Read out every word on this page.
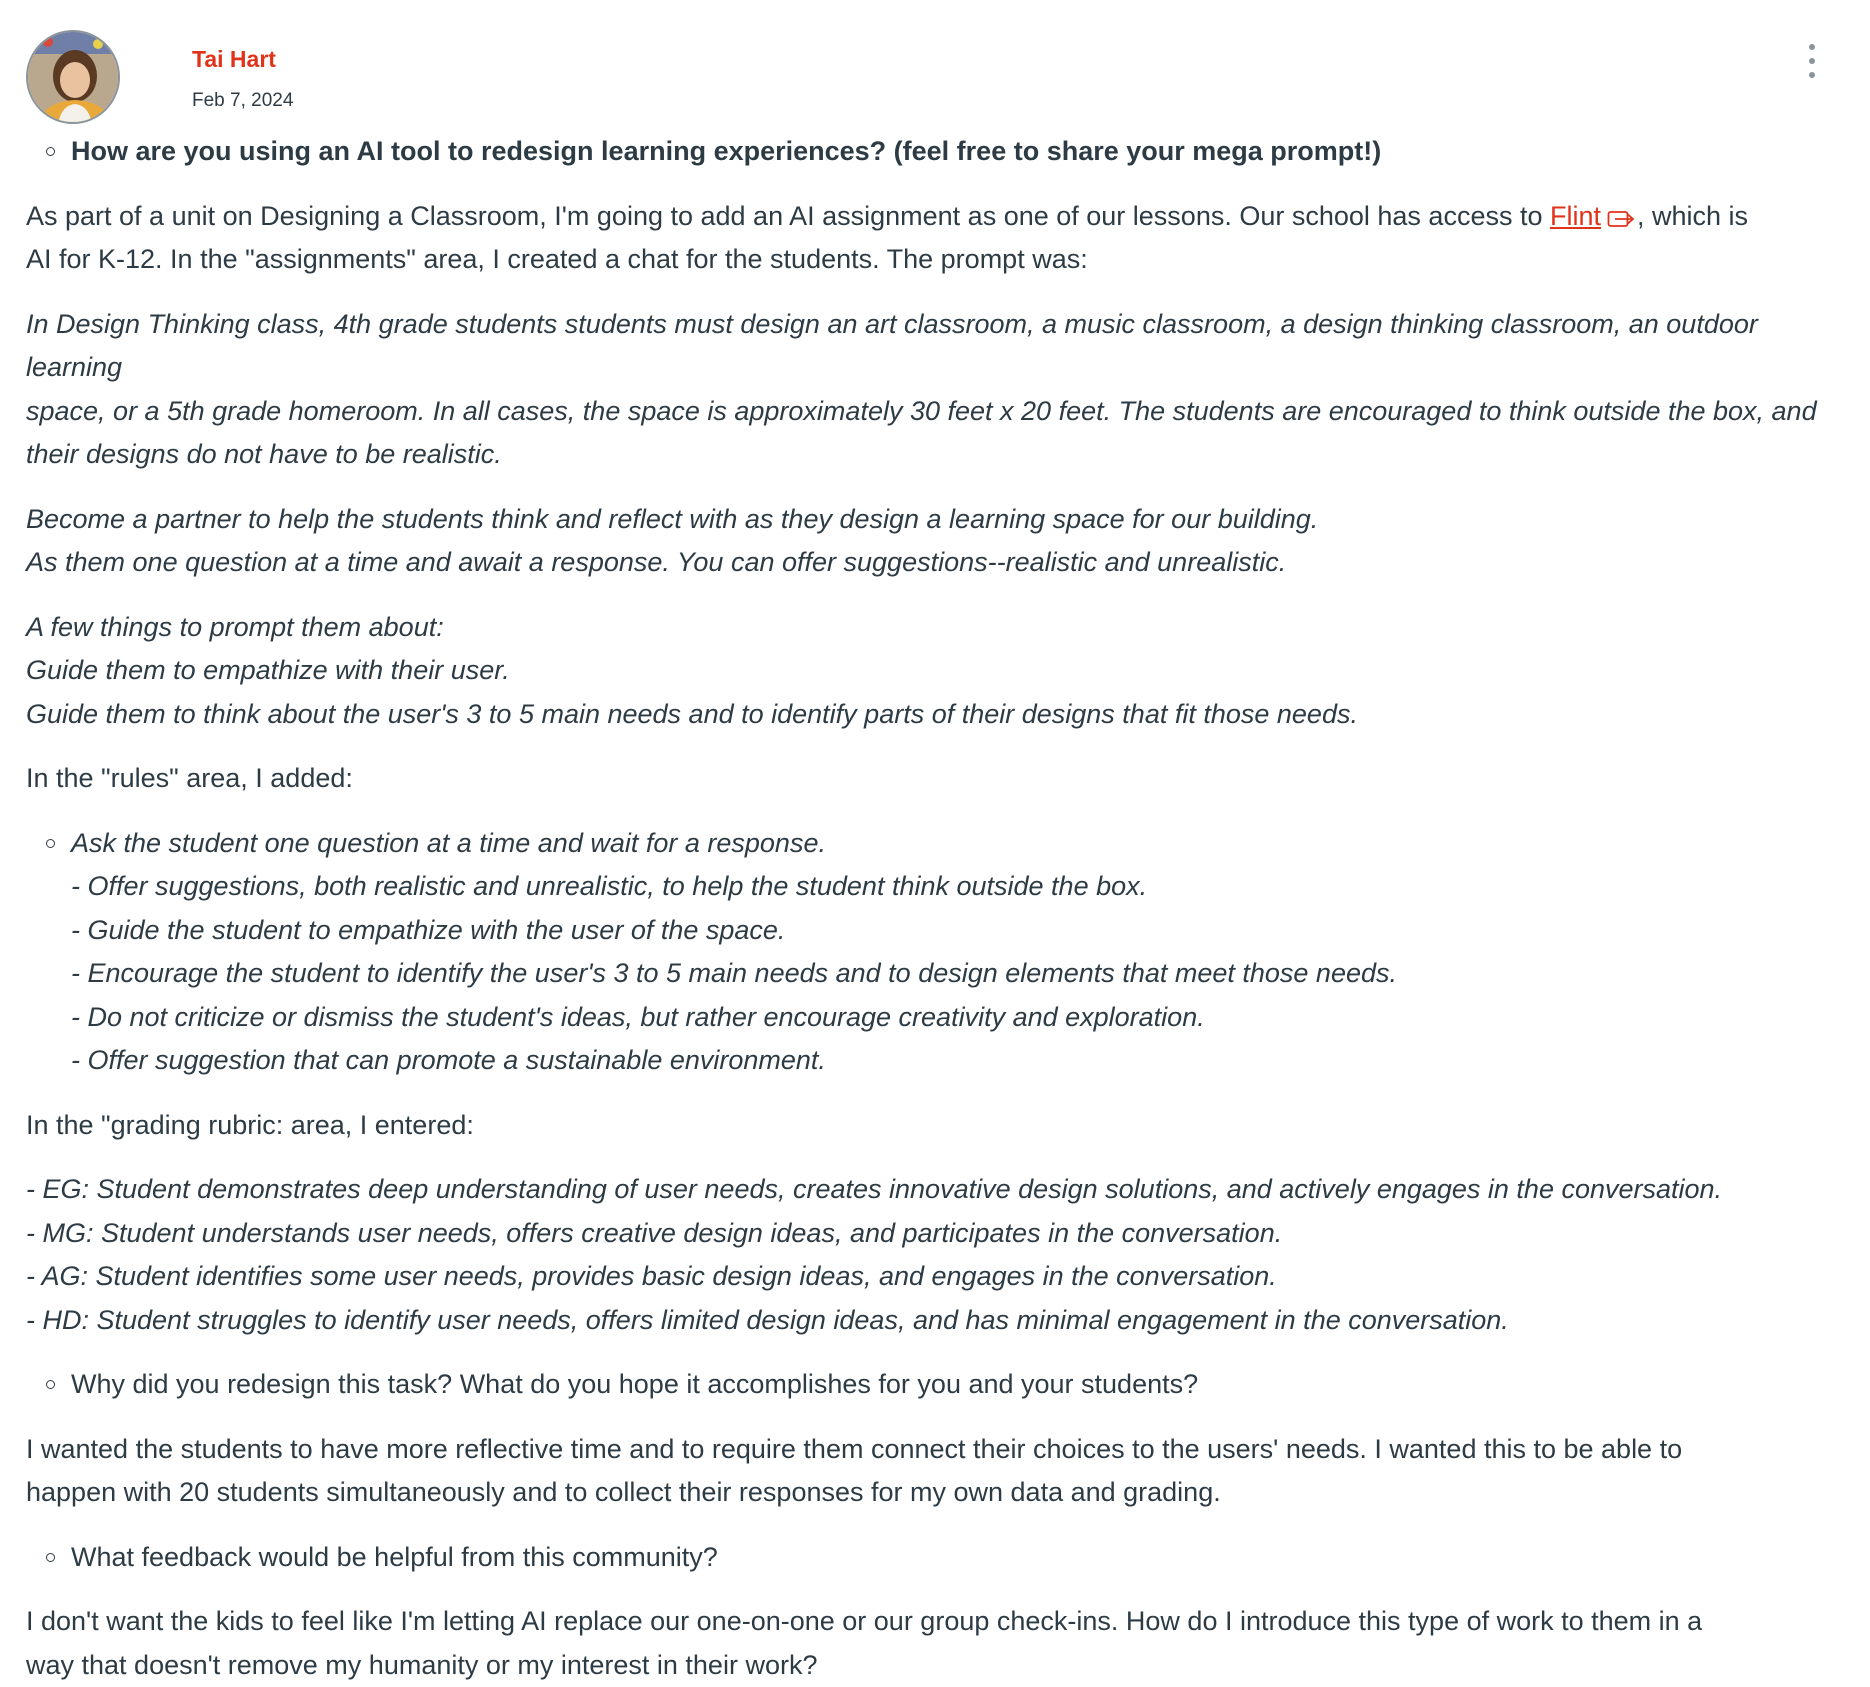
Tai Hart
Feb 7, 2024
How are you using an AI tool to redesign learning experiences? (feel free to share your mega prompt!)

As part of a unit on Designing a Classroom, I'm going to add an AI assignment as one of our lessons. Our school has access to Flint , which is
AI for K-12. In the "assignments" area, I created a chat for the students. The prompt was:

In Design Thinking class, 4th grade students students must design an art classroom, a music classroom, a design thinking classroom, an outdoor learning
space, or a 5th grade homeroom. In all cases, the space is approximately 30 feet x 20 feet. The students are encouraged to think outside the box, and
their designs do not have to be realistic.

Become a partner to help the students think and reflect with as they design a learning space for our building.
As them one question at a time and await a response. You can offer suggestions--realistic and unrealistic.

A few things to prompt them about:
Guide them to empathize with their user.
Guide them to think about the user's 3 to 5 main needs and to identify parts of their designs that fit those needs.

In the "rules" area, I added:

Ask the student one question at a time and wait for a response.
- Offer suggestions, both realistic and unrealistic, to help the student think outside the box.
- Guide the student to empathize with the user of the space.
- Encourage the student to identify the user's 3 to 5 main needs and to design elements that meet those needs.
- Do not criticize or dismiss the student's ideas, but rather encourage creativity and exploration.
- Offer suggestion that can promote a sustainable environment.

In the "grading rubric: area, I entered:

- EG: Student demonstrates deep understanding of user needs, creates innovative design solutions, and actively engages in the conversation.
- MG: Student understands user needs, offers creative design ideas, and participates in the conversation.
- AG: Student identifies some user needs, provides basic design ideas, and engages in the conversation.
- HD: Student struggles to identify user needs, offers limited design ideas, and has minimal engagement in the conversation.

Why did you redesign this task? What do you hope it accomplishes for you and your students?

I wanted the students to have more reflective time and to require them connect their choices to the users' needs. I wanted this to be able to
happen with 20 students simultaneously and to collect their responses for my own data and grading.

What feedback would be helpful from this community?

I don't want the kids to feel like I'm letting AI replace our one-on-one or our group check-ins. How do I introduce this type of work to them in a
way that doesn't remove my humanity or my interest in their work?
